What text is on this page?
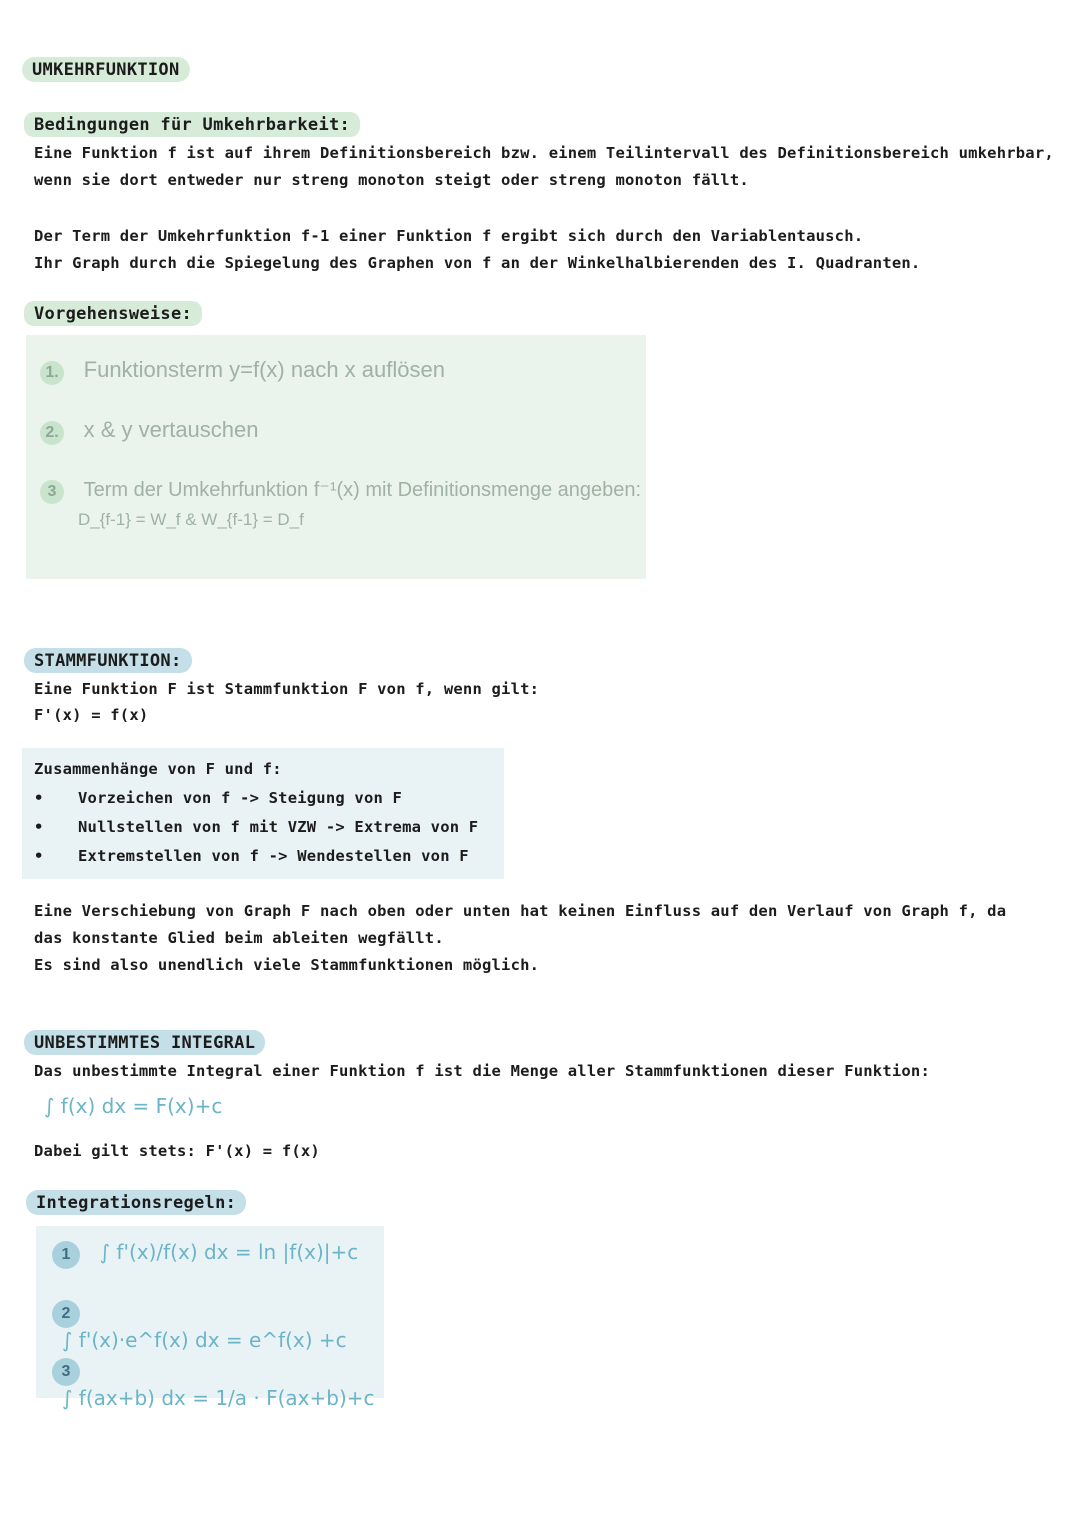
UMKEHRFUNKTION
Bedingungen für Umkehrbarkeit:
Eine Funktion f ist auf ihrem Definitionsbereich bzw. einem Teilintervall des Definitionsbereich umkehrbar,
wenn sie dort entweder nur streng monoton steigt oder streng monoton fällt.
Der Term der Umkehrfunktion f-1 einer Funktion f ergibt sich durch den Variablentausch.
Ihr Graph durch die Spiegelung des Graphen von f an der Winkelhalbierenden des I. Quadranten.
Vorgehensweise:
1. Funktionsterm y=f(x) nach x auflösen
2. x & y vertauschen
3 Term der Umkehrfunktion f⁻¹(x) mit Definitionsmenge angeben:
D_{f-1} = W_f & W_{f-1} = D_f
STAMMFUNKTION:
Eine Funktion F ist Stammfunktion F von f, wenn gilt:
F'(x) = f(x)
Zusammenhänge von F und f:
• Vorzeichen von f -> Steigung von F
• Nullstellen von f mit VZW -> Extrema von F
• Extremstellen von f -> Wendestellen von F
Eine Verschiebung von Graph F nach oben oder unten hat keinen Einfluss auf den Verlauf von Graph f, da
das konstante Glied beim ableiten wegfällt.
Es sind also unendlich viele Stammfunktionen möglich.
UNBESTIMMTES INTEGRAL
Das unbestimmte Integral einer Funktion f ist die Menge aller Stammfunktionen dieser Funktion:
∫ f(x) dx = F(x)+c
Dabei gilt stets: F'(x) = f(x)
Integrationsregeln:
1 ∫ f'(x)/f(x) dx = ln |f(x)|+c
2 ∫ f'(x)·e^f(x) dx = e^f(x) +c
3 ∫ f(ax+b) dx = 1/a · F(ax+b)+c
